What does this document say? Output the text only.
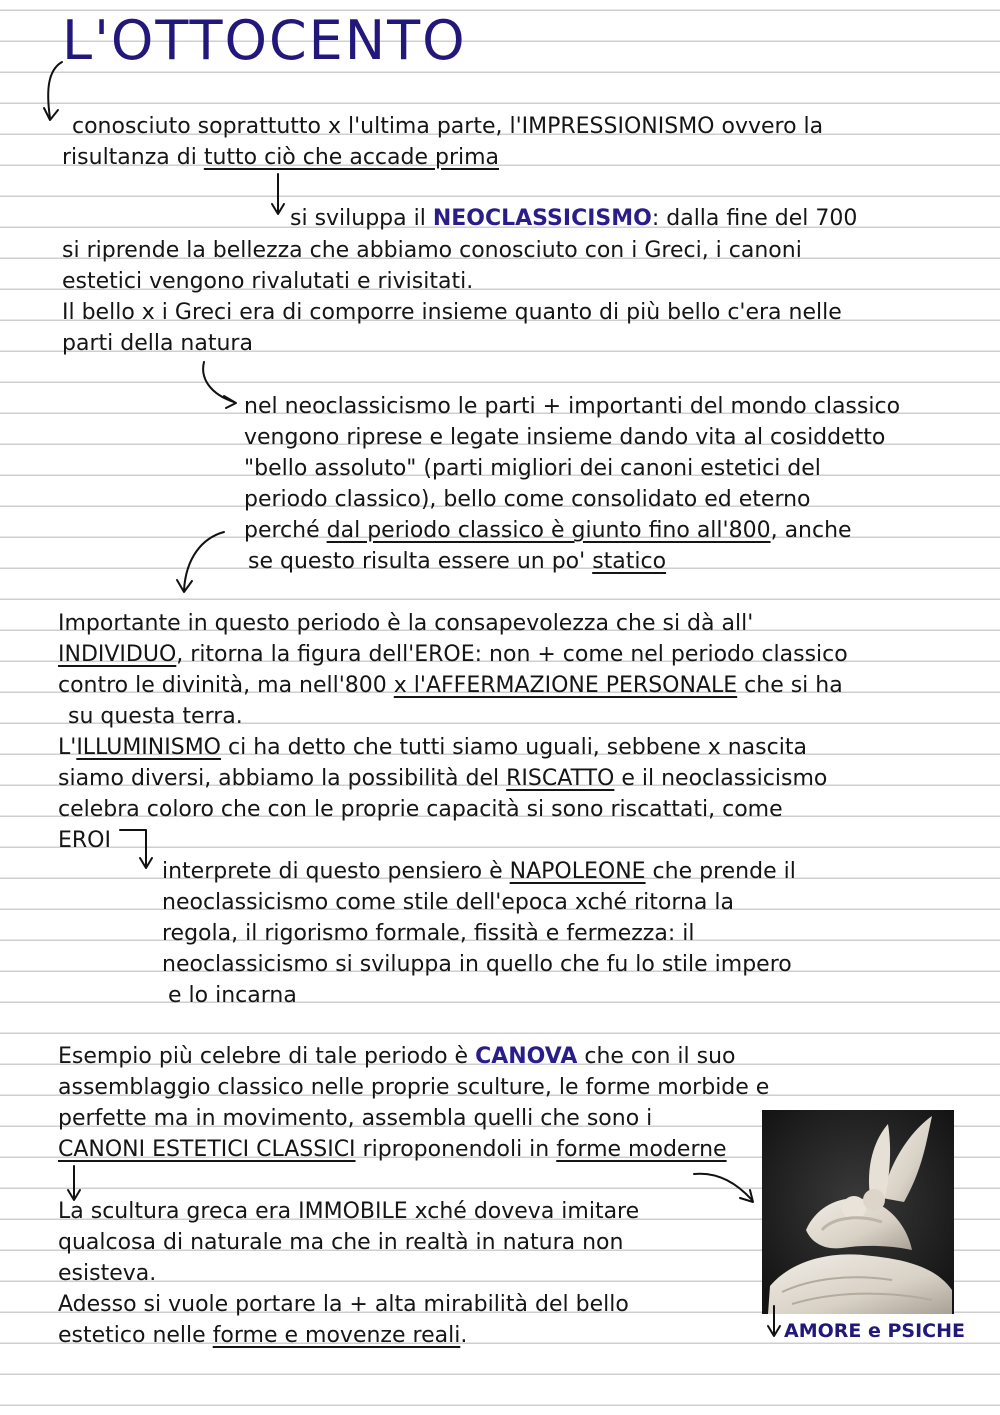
L'OTTOCENTO
conosciuto soprattutto x l'ultima parte, l'IMPRESSIONISMO ovvero la
risultanza di tutto ciò che accade prima
si sviluppa il NEOCLASSICISMO: dalla fine del 700
si riprende la bellezza che abbiamo conosciuto con i Greci, i canoni
estetici vengono rivalutati e rivisitati.
Il bello x i Greci era di comporre insieme quanto di più bello c'era nelle
parti della natura
nel neoclassicismo le parti + importanti del mondo classico
vengono riprese e legate insieme dando vita al cosiddetto
"bello assoluto" (parti migliori dei canoni estetici del
periodo classico), bello come consolidato ed eterno
perché dal periodo classico è giunto fino all'800, anche
se questo risulta essere un po' statico
Importante in questo periodo è la consapevolezza che si dà all'
INDIVIDUO, ritorna la figura dell'EROE: non + come nel periodo classico
contro le divinità, ma nell'800 x l'AFFERMAZIONE PERSONALE che si ha
su questa terra.
L'ILLUMINISMO ci ha detto che tutti siamo uguali, sebbene x nascita
siamo diversi, abbiamo la possibilità del RISCATTO e il neoclassicismo
celebra coloro che con le proprie capacità si sono riscattati, come
EROI
interprete di questo pensiero è NAPOLEONE che prende il
neoclassicismo come stile dell'epoca xché ritorna la
regola, il rigorismo formale, fissità e fermezza: il
neoclassicismo si sviluppa in quello che fu lo stile impero
e lo incarna
Esempio più celebre di tale periodo è CANOVA che con il suo
assemblaggio classico nelle proprie sculture, le forme morbide e
perfette ma in movimento, assembla quelli che sono i
CANONI ESTETICI CLASSICI riproponendoli in forme moderne
La scultura greca era IMMOBILE xché doveva imitare
qualcosa di naturale ma che in realtà in natura non
esisteva.
Adesso si vuole portare la + alta mirabilità del bello
estetico nelle forme e movenze reali.	AMORE e PSICHE
